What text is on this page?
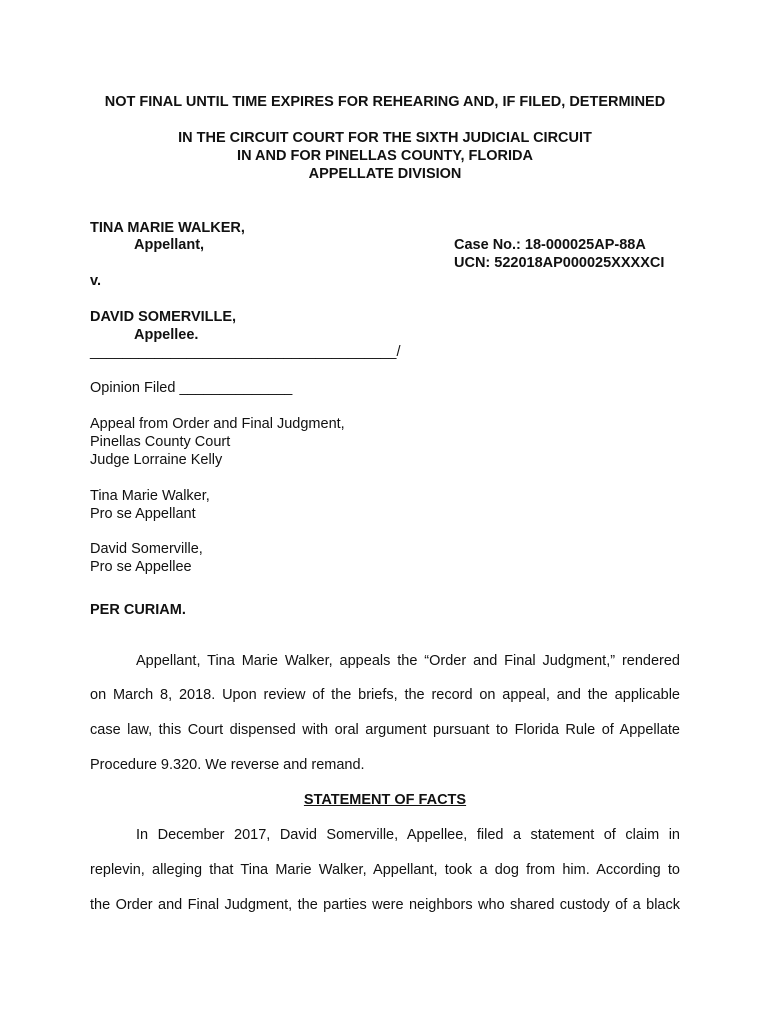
NOT FINAL UNTIL TIME EXPIRES FOR REHEARING AND, IF FILED, DETERMINED
IN THE CIRCUIT COURT FOR THE SIXTH JUDICIAL CIRCUIT
IN AND FOR PINELLAS COUNTY, FLORIDA
APPELLATE DIVISION
TINA MARIE WALKER,
Appellant,	Case No.: 18-000025AP-88A
UCN: 522018AP000025XXXXCI
v.
DAVID SOMERVILLE,
Appellee.
______________________________________/
Opinion Filed ______________
Appeal from Order and Final Judgment,
Pinellas County Court
Judge Lorraine Kelly
Tina Marie Walker,
Pro se Appellant
David Somerville,
Pro se Appellee
PER CURIAM.
Appellant, Tina Marie Walker, appeals the “Order and Final Judgment,” rendered
on March 8, 2018. Upon review of the briefs, the record on appeal, and the applicable
case law, this Court dispensed with oral argument pursuant to Florida Rule of Appellate
Procedure 9.320. We reverse and remand.
STATEMENT OF FACTS
In December 2017, David Somerville, Appellee, filed a statement of claim in
replevin, alleging that Tina Marie Walker, Appellant, took a dog from him. According to
the Order and Final Judgment, the parties were neighbors who shared custody of a black
